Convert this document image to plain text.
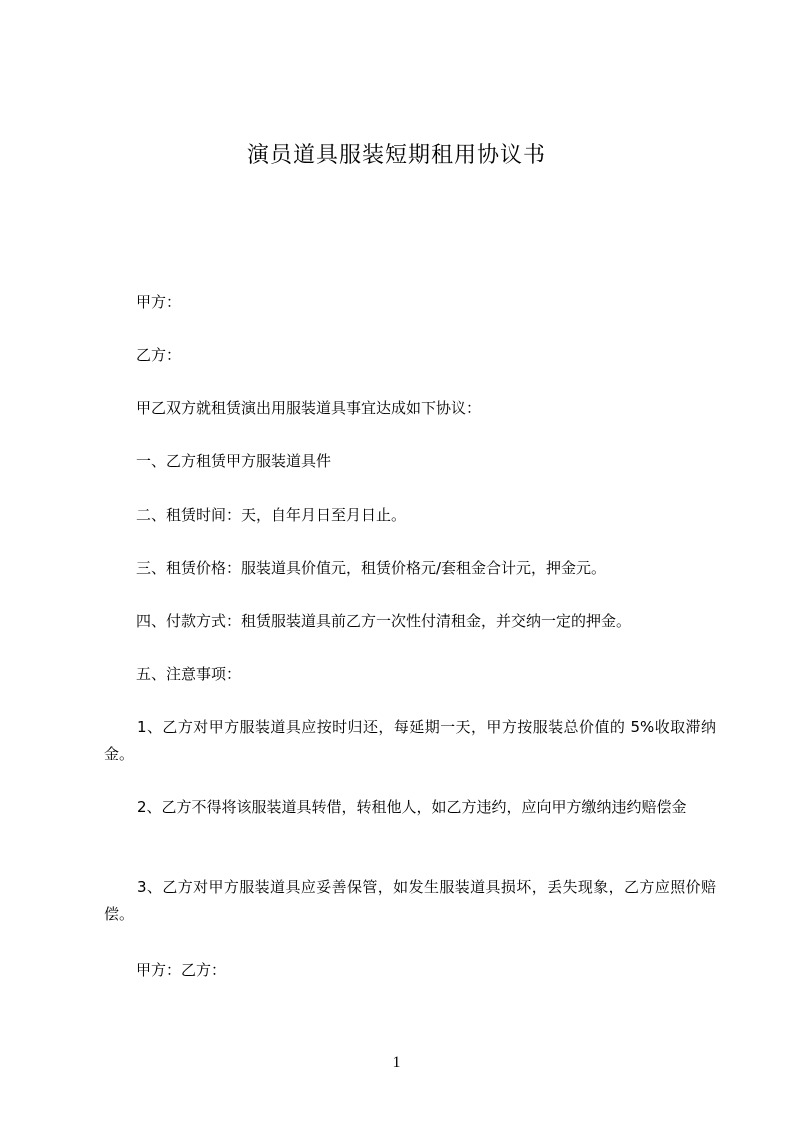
演员道具服装短期租用协议书
甲方：
乙方：
甲乙双方就租赁演出用服装道具事宜达成如下协议：
一、乙方租赁甲方服装道具件
二、租赁时间：天，自年月日至月日止。
三、租赁价格：服装道具价值元，租赁价格元/套租金合计元，押金元。
四、付款方式：租赁服装道具前乙方一次性付清租金，并交纳一定的押金。
五、注意事项：
1、乙方对甲方服装道具应按时归还，每延期一天，甲方按服装总价值的 5%收取滞纳金。
2、乙方不得将该服装道具转借，转租他人，如乙方违约，应向甲方缴纳违约赔偿金
3、乙方对甲方服装道具应妥善保管，如发生服装道具损坏，丢失现象，乙方应照价赔偿。
甲方：乙方：
1
